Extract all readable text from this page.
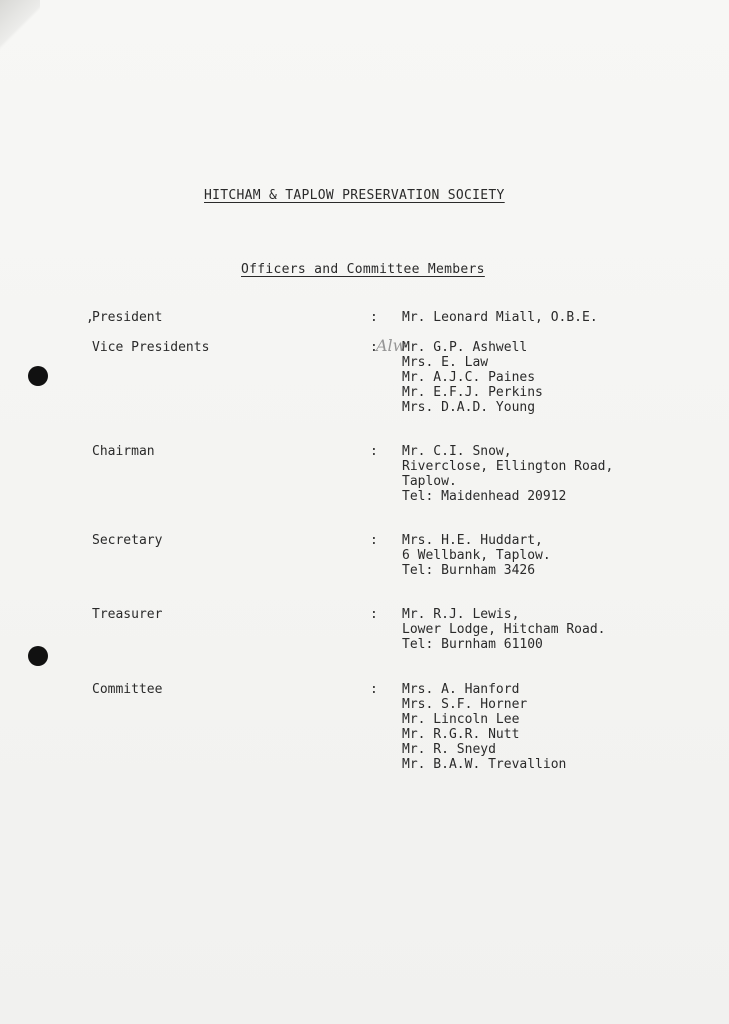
HITCHAM & TAPLOW PRESERVATION SOCIETY
Officers and Committee Members
,
President	: Mr. Leonard Miall, O.B.E.
Vice Presidents	:
Alw
Mr. G.P. Ashwell
Mrs. E. Law
Mr. A.J.C. Paines
Mr. E.F.J. Perkins
Mrs. D.A.D. Young
Chairman	: Mr. C.I. Snow,
Riverclose, Ellington Road,
Taplow.
Tel: Maidenhead 20912
Secretary	: Mrs. H.E. Huddart,
6 Wellbank, Taplow.
Tel: Burnham 3426
Treasurer	: Mr. R.J. Lewis,
Lower Lodge, Hitcham Road.
Tel: Burnham 61100
Committee	: Mrs. A. Hanford
Mrs. S.F. Horner
Mr. Lincoln Lee
Mr. R.G.R. Nutt
Mr. R. Sneyd
Mr. B.A.W. Trevallion
